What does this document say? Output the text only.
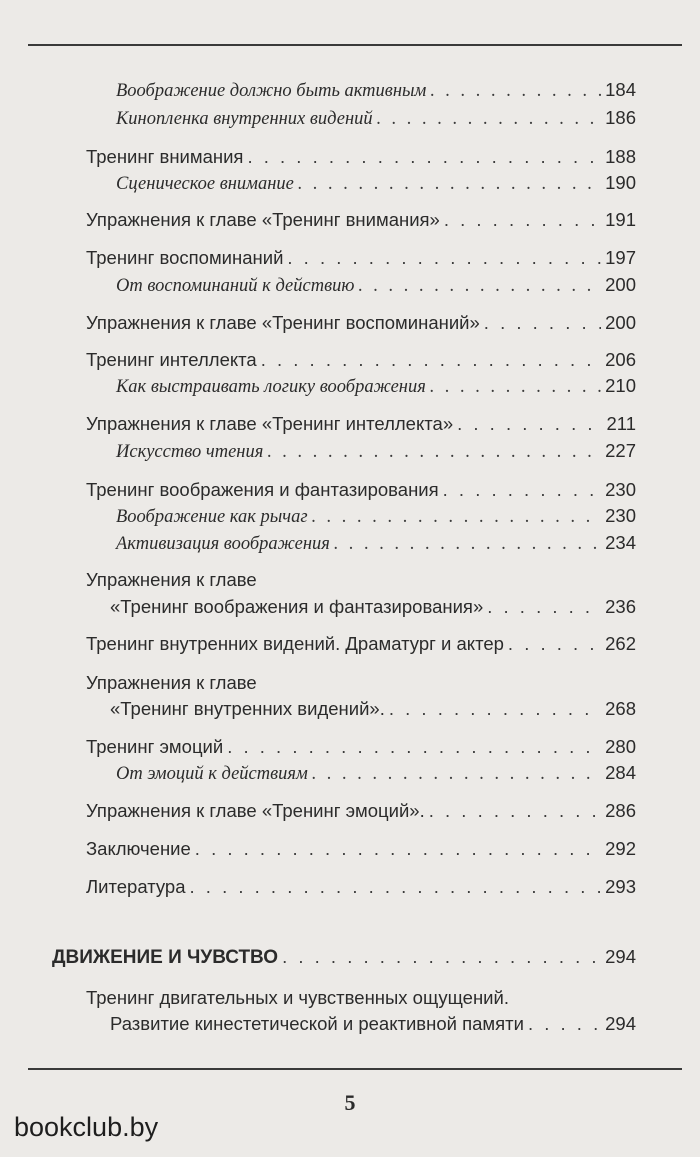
Воображение должно быть активным . . .	184
Кинопленка внутренних видений . . .	186
Тренинг внимания . . .	188
Сценическое внимание . . .	190
Упражнения к главе «Тренинг внимания» . . .	191
Тренинг воспоминаний . . .	197
От воспоминаний к действию . . .	200
Упражнения к главе «Тренинг воспоминаний» . . .	200
Тренинг интеллекта . . .	206
Как выстраивать логику воображения . . .	210
Упражнения к главе «Тренинг интеллекта» . . .	211
Искусство чтения . . .	227
Тренинг воображения и фантазирования . . .	230
Воображение как рычаг . . .	230
Активизация воображения . . .	234
Упражнения к главе
«Тренинг воображения и фантазирования» . . .	236
Тренинг внутренних видений. Драматург и актер . . .	262
Упражнения к главе
«Тренинг внутренних видений». . . .	268
Тренинг эмоций . . .	280
От эмоций к действиям . . .	284
Упражнения к главе «Тренинг эмоций». . . .	286
Заключение . . .	292
Литература . . .	293
ДВИЖЕНИЕ И ЧУВСТВО . . .	294
Тренинг двигательных и чувственных ощущений.
Развитие кинестетической и реактивной памяти . . .	294
5
bookclub.by
